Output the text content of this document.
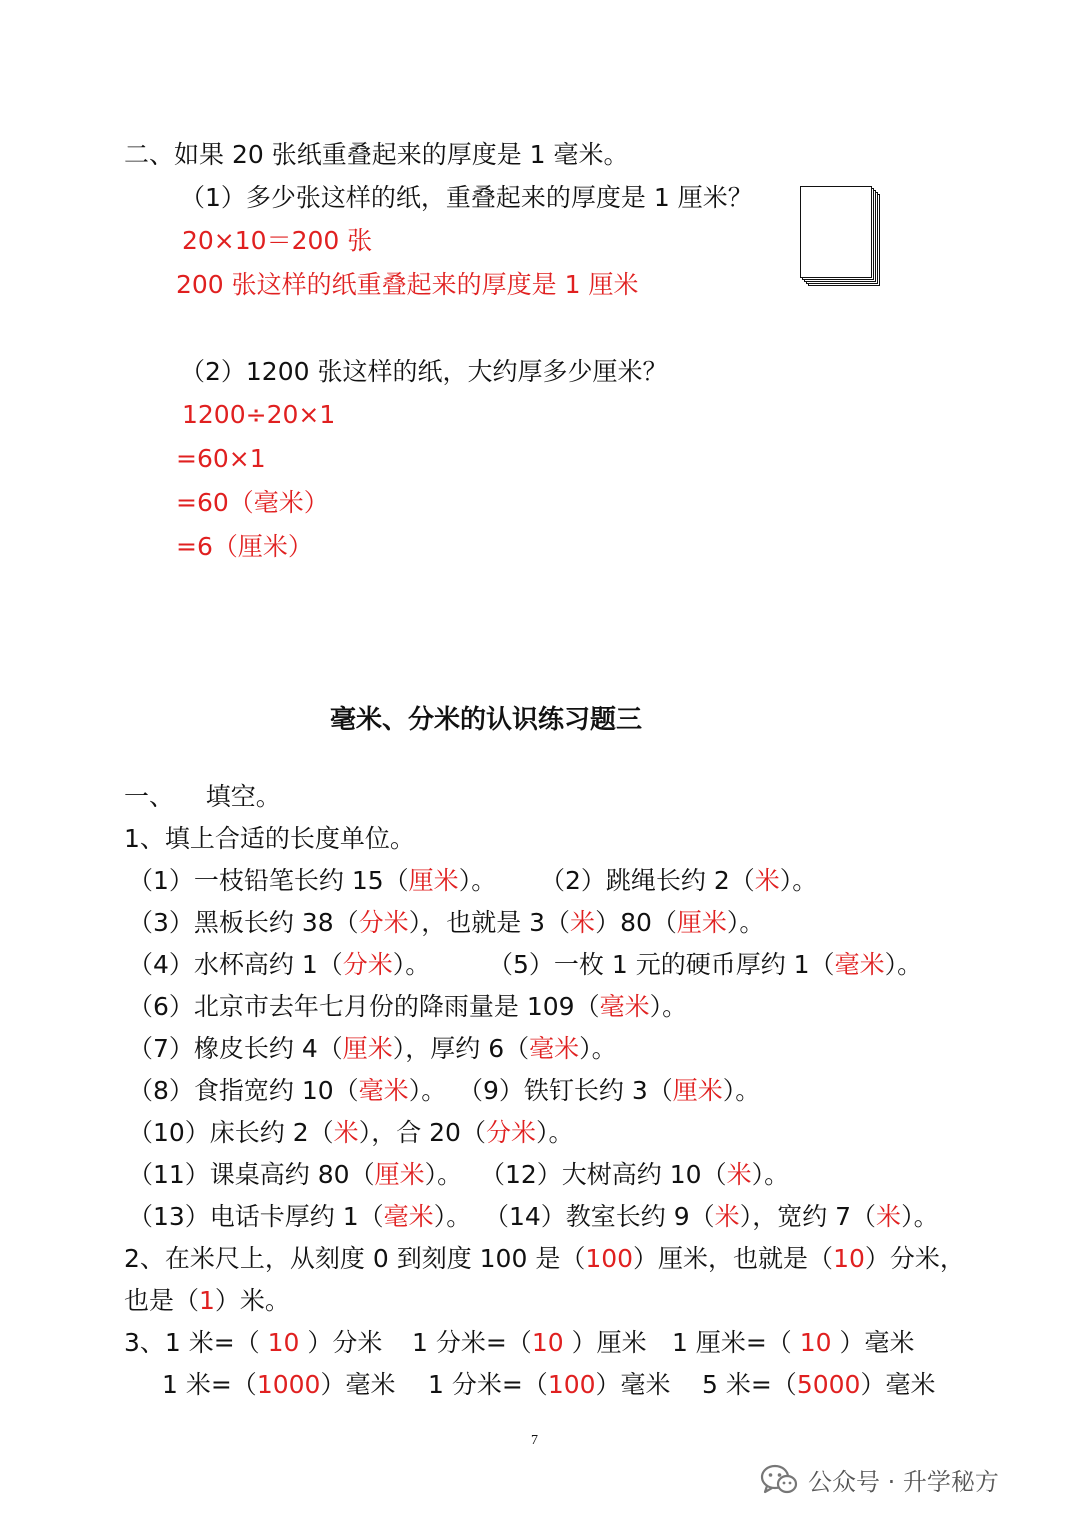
二、如果 20 张纸重叠起来的厚度是 1 毫米。
（1）多少张这样的纸，重叠起来的厚度是 1 厘米？
20×10＝200 张
200 张这样的纸重叠起来的厚度是 1 厘米
（2）1200 张这样的纸，大约厚多少厘米？
1200÷20×1
=60×1
=60（毫米）
=6（厘米）
毫米、分米的认识练习题三
一、    填空。
1、填上合适的长度单位。
（1）一枝铅笔长约 15（厘米）。 （2）跳绳长约 2（米）。
（3）黑板长约 38（分米），也就是 3（米）80（厘米）。
（4）水杯高约 1（分米）。 （5）一枚 1 元的硬币厚约 1（毫米）。
（6）北京市去年七月份的降雨量是 109（毫米）。
（7）橡皮长约 4（厘米），厚约 6（毫米）。
（8）食指宽约 10（毫米）。 （9）铁钉长约 3（厘米）。
（10）床长约 2（米），合 20（分米）。
（11）课桌高约 80（厘米）。 （12）大树高约 10（米）。
（13）电话卡厚约 1（毫米）。 （14）教室长约 9（米），宽约 7（米）。
2、在米尺上，从刻度 0 到刻度 100 是（100）厘米，也就是（10）分米，
也是（1）米。
3、1 米=（ 10 ）分米 1 分米=（10 ）厘米 1 厘米=（ 10 ）毫米
1 米=（1000）毫米 1 分米=（100）毫米 5 米=（5000）毫米
7
公众号 · 升学秘方
